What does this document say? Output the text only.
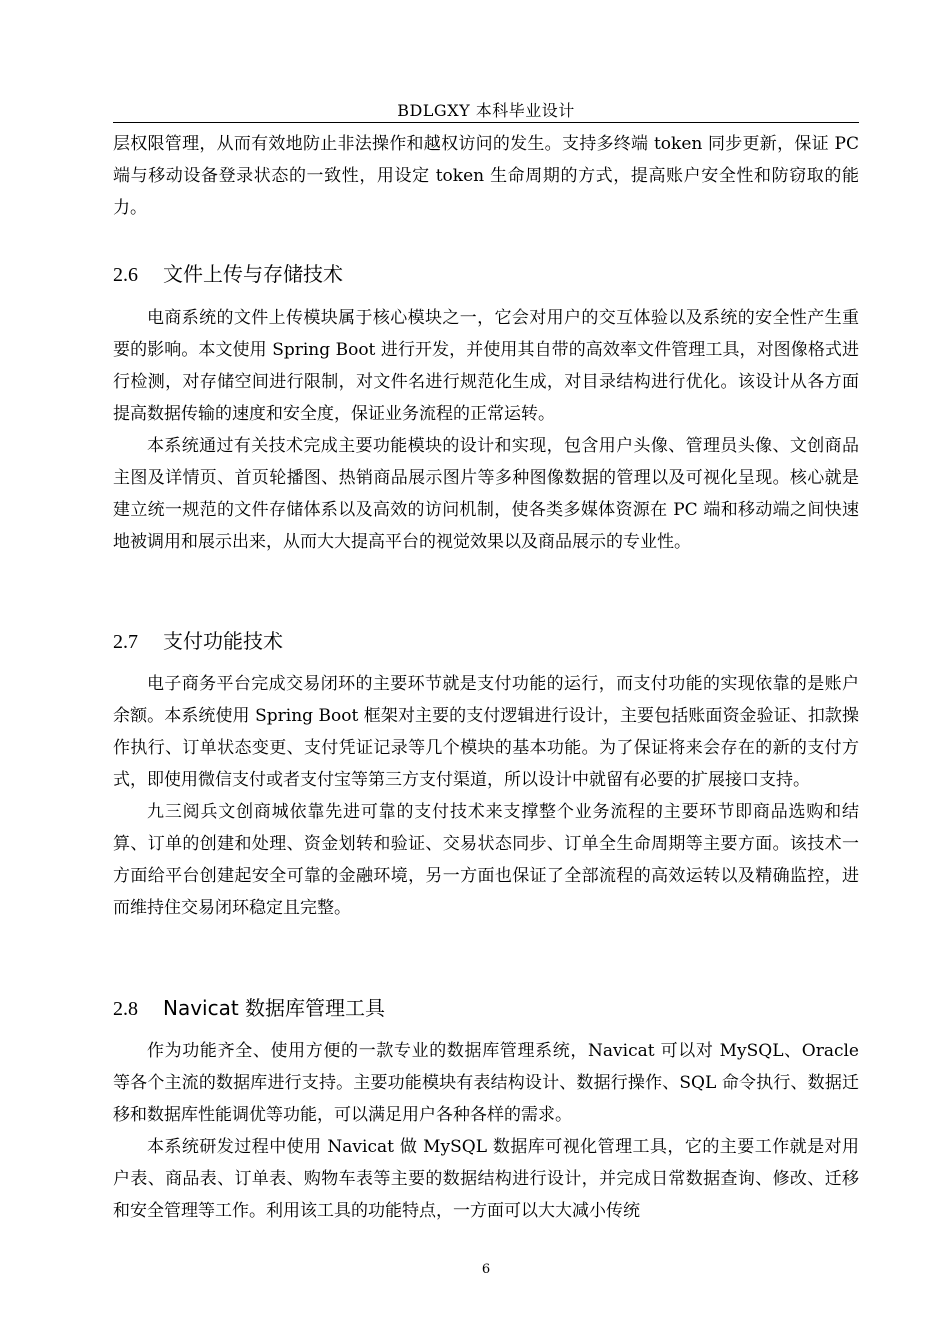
BDLGXY 本科毕业设计

层权限管理，从而有效地防止非法操作和越权访问的发生。支持多终端 token 同步更新，保证 PC 端与移动设备登录状态的一致性，用设定 token 生命周期的方式，提高账户安全性和防窃取的能力。

2.6 文件上传与存储技术

电商系统的文件上传模块属于核心模块之一，它会对用户的交互体验以及系统的安全性产生重要的影响。本文使用 Spring Boot 进行开发，并使用其自带的高效率文件管理工具，对图像格式进行检测，对存储空间进行限制，对文件名进行规范化生成，对目录结构进行优化。该设计从各方面提高数据传输的速度和安全度，保证业务流程的正常运转。

本系统通过有关技术完成主要功能模块的设计和实现，包含用户头像、管理员头像、文创商品主图及详情页、首页轮播图、热销商品展示图片等多种图像数据的管理以及可视化呈现。核心就是建立统一规范的文件存储体系以及高效的访问机制，使各类多媒体资源在 PC 端和移动端之间快速地被调用和展示出来，从而大大提高平台的视觉效果以及商品展示的专业性。

2.7 支付功能技术

电子商务平台完成交易闭环的主要环节就是支付功能的运行，而支付功能的实现依靠的是账户余额。本系统使用 Spring Boot 框架对主要的支付逻辑进行设计，主要包括账面资金验证、扣款操作执行、订单状态变更、支付凭证记录等几个模块的基本功能。为了保证将来会存在的新的支付方式，即使用微信支付或者支付宝等第三方支付渠道，所以设计中就留有必要的扩展接口支持。

九三阅兵文创商城依靠先进可靠的支付技术来支撑整个业务流程的主要环节即商品选购和结算、订单的创建和处理、资金划转和验证、交易状态同步、订单全生命周期等主要方面。该技术一方面给平台创建起安全可靠的金融环境，另一方面也保证了全部流程的高效运转以及精确监控，进而维持住交易闭环稳定且完整。

2.8 Navicat 数据库管理工具

作为功能齐全、使用方便的一款专业的数据库管理系统，Navicat 可以对 MySQL、Oracle 等各个主流的数据库进行支持。主要功能模块有表结构设计、数据行操作、SQL 命令执行、数据迁移和数据库性能调优等功能，可以满足用户各种各样的需求。

本系统研发过程中使用 Navicat 做 MySQL 数据库可视化管理工具，它的主要工作就是对用户表、商品表、订单表、购物车表等主要的数据结构进行设计，并完成日常数据查询、修改、迁移和安全管理等工作。利用该工具的功能特点，一方面可以大大减小传统

6
